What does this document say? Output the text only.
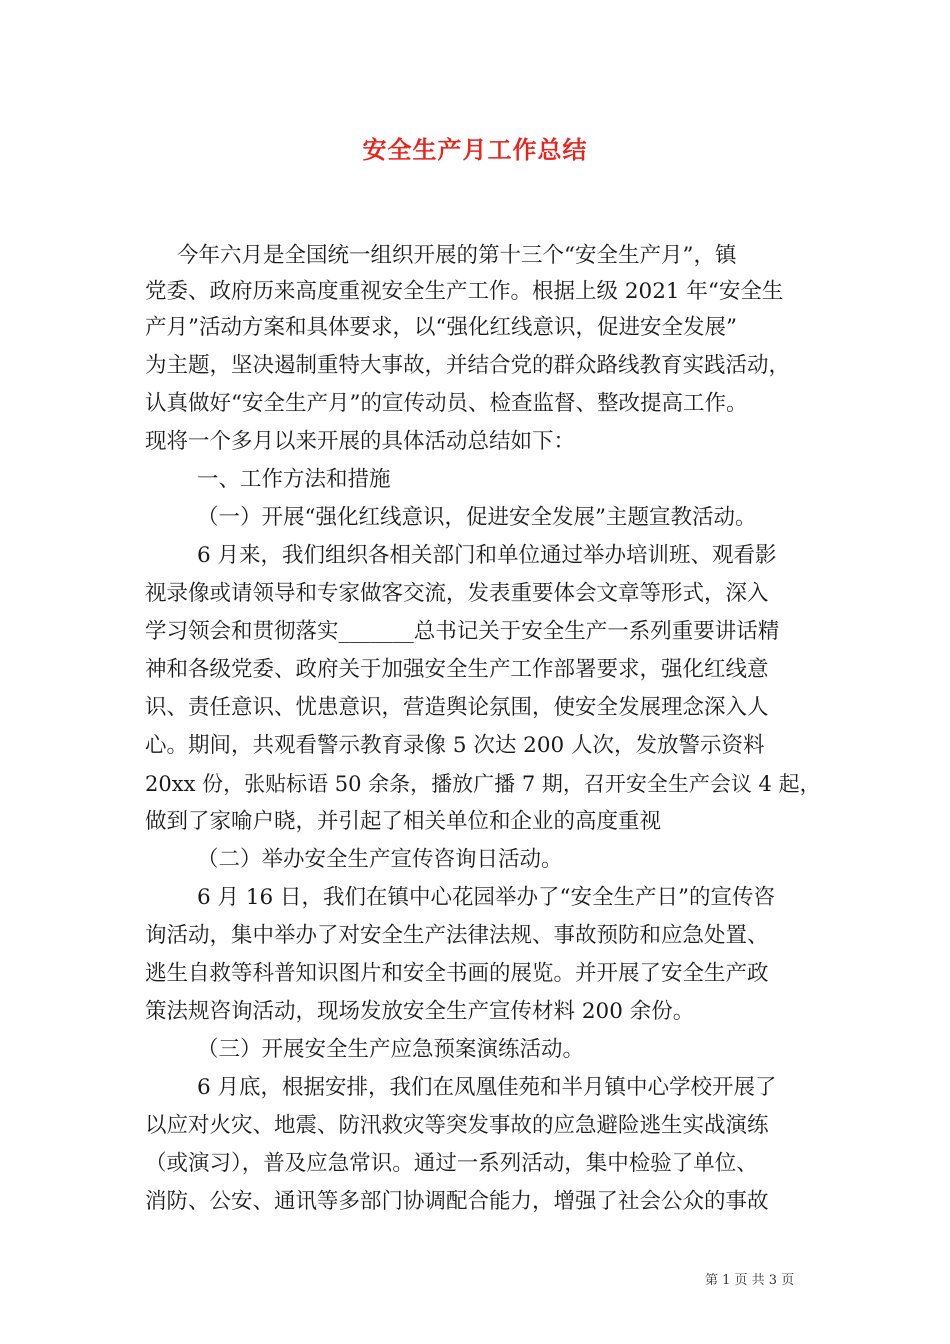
安全生产月工作总结
今年六月是全国统一组织开展的第十三个“安全生产月”，镇
党委、政府历来高度重视安全生产工作。根据上级 2021 年“安全生
产月”活动方案和具体要求，以“强化红线意识，促进安全发展”
为主题，坚决遏制重特大事故，并结合党的群众路线教育实践活动，
认真做好“安全生产月”的宣传动员、检查监督、整改提高工作。
现将一个多月以来开展的具体活动总结如下：
一、工作方法和措施
（一）开展“强化红线意识，促进安全发展”主题宣教活动。
6 月来，我们组织各相关部门和单位通过举办培训班、观看影
视录像或请领导和专家做客交流，发表重要体会文章等形式，深入
学习领会和贯彻落实_______总书记关于安全生产一系列重要讲话精
神和各级党委、政府关于加强安全生产工作部署要求，强化红线意
识、责任意识、忧患意识，营造舆论氛围，使安全发展理念深入人
心。期间，共观看警示教育录像 5 次达 200 人次，发放警示资料
20xx 份，张贴标语 50 余条，播放广播 7 期，召开安全生产会议 4 起，
做到了家喻户晓，并引起了相关单位和企业的高度重视
（二）举办安全生产宣传咨询日活动。
6 月 16 日，我们在镇中心花园举办了“安全生产日”的宣传咨
询活动，集中举办了对安全生产法律法规、事故预防和应急处置、
逃生自救等科普知识图片和安全书画的展览。并开展了安全生产政
策法规咨询活动，现场发放安全生产宣传材料 200 余份。
（三）开展安全生产应急预案演练活动。
6 月底，根据安排，我们在凤凰佳苑和半月镇中心学校开展了
以应对火灾、地震、防汛救灾等突发事故的应急避险逃生实战演练
（或演习），普及应急常识。通过一系列活动，集中检验了单位、
消防、公安、通讯等多部门协调配合能力，增强了社会公众的事故
第 1 页 共 3 页
